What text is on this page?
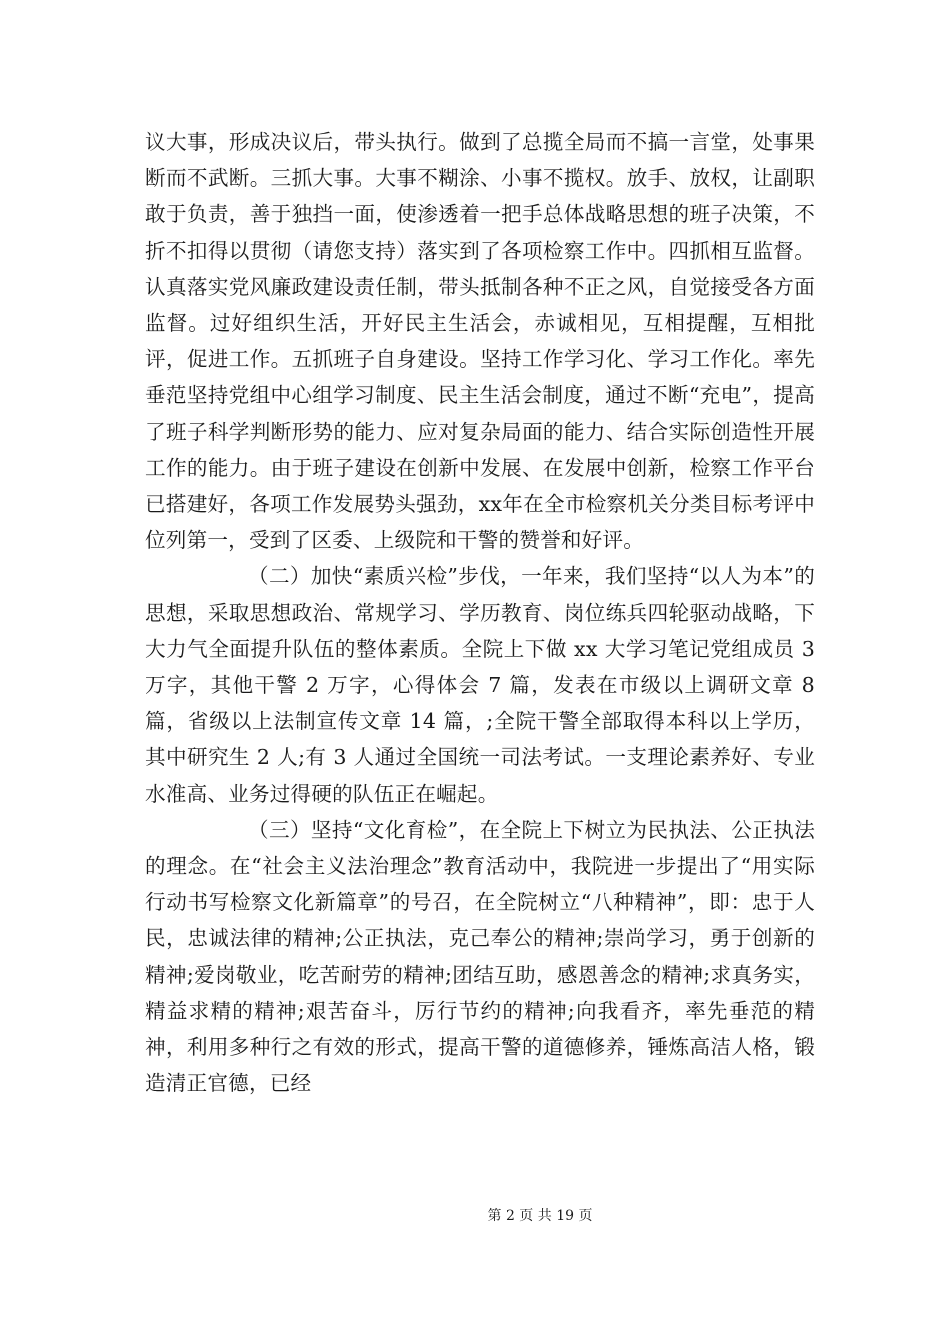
议大事，形成决议后，带头执行。做到了总揽全局而不搞一言堂，处事果断而不武断。三抓大事。大事不糊涂、小事不揽权。放手、放权，让副职敢于负责，善于独挡一面，使渗透着一把手总体战略思想的班子决策，不折不扣得以贯彻（请您支持）落实到了各项检察工作中。四抓相互监督。认真落实党风廉政建设责任制，带头抵制各种不正之风，自觉接受各方面监督。过好组织生活，开好民主生活会，赤诚相见，互相提醒，互相批评，促进工作。五抓班子自身建设。坚持工作学习化、学习工作化。率先垂范坚持党组中心组学习制度、民主生活会制度，通过不断“充电”，提高了班子科学判断形势的能力、应对复杂局面的能力、结合实际创造性开展工作的能力。由于班子建设在创新中发展、在发展中创新，检察工作平台已搭建好，各项工作发展势头强劲，xx年在全市检察机关分类目标考评中位列第一，受到了区委、上级院和干警的赞誉和好评。

（二）加快“素质兴检”步伐，一年来，我们坚持“以人为本”的思想，采取思想政治、常规学习、学历教育、岗位练兵四轮驱动战略，下大力气全面提升队伍的整体素质。全院上下做 xx 大学习笔记党组成员 3 万字，其他干警 2 万字，心得体会 7 篇，发表在市级以上调研文章 8 篇，省级以上法制宣传文章 14 篇，;全院干警全部取得本科以上学历，其中研究生 2 人;有 3 人通过全国统一司法考试。一支理论素养好、专业水准高、业务过得硬的队伍正在崛起。

（三）坚持“文化育检”，在全院上下树立为民执法、公正执法的理念。在“社会主义法治理念”教育活动中，我院进一步提出了“用实际行动书写检察文化新篇章”的号召，在全院树立“八种精神”，即：忠于人民，忠诚法律的精神;公正执法，克己奉公的精神;崇尚学习，勇于创新的精神;爱岗敬业，吃苦耐劳的精神;团结互助，感恩善念的精神;求真务实，精益求精的精神;艰苦奋斗，厉行节约的精神;向我看齐，率先垂范的精神，利用多种行之有效的形式，提高干警的道德修养，锤炼高洁人格，锻造清正官德，已经

第 2 页 共 19 页
